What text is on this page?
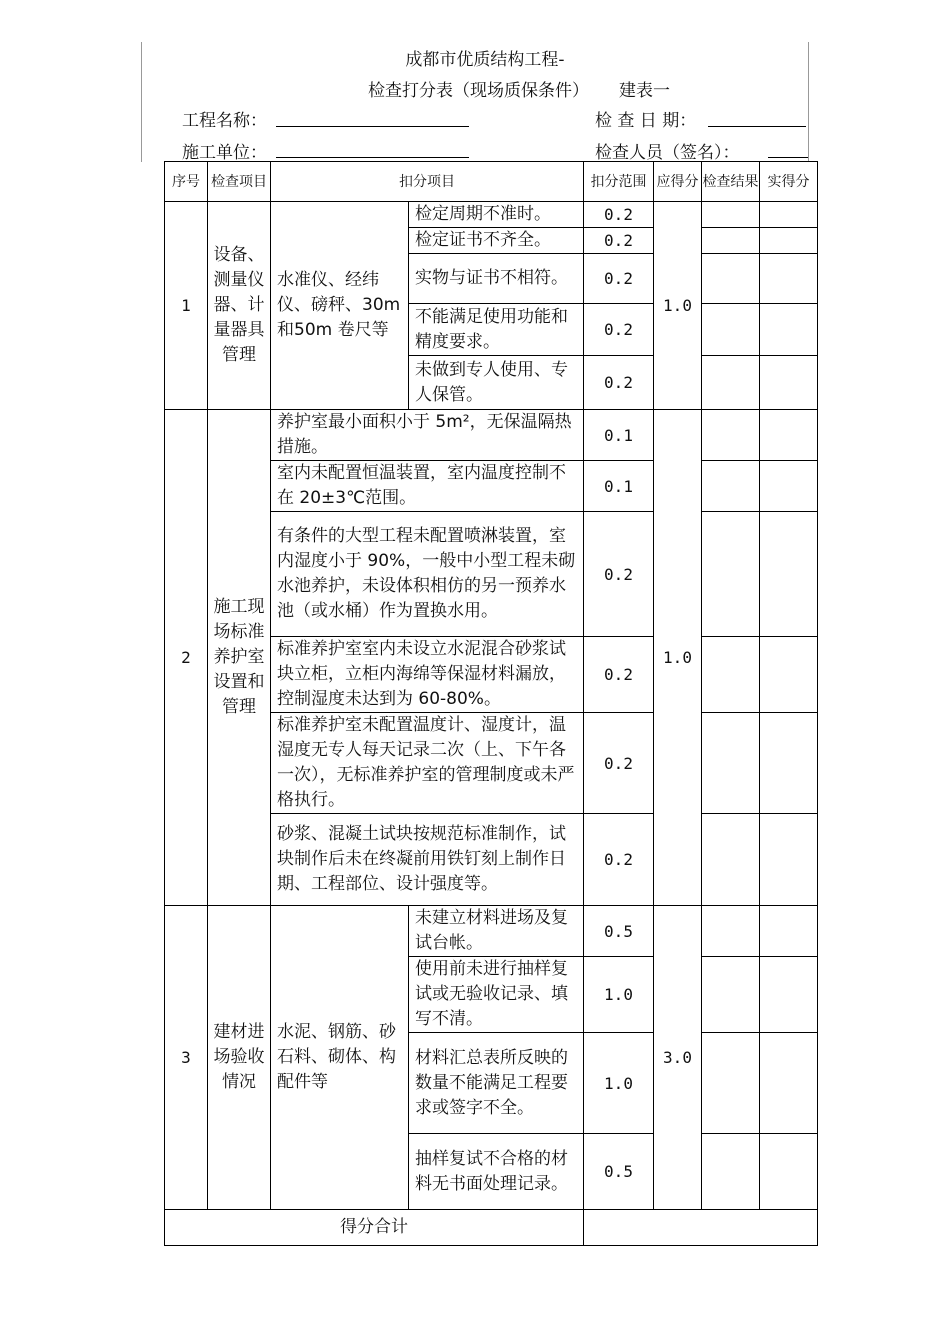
成都市优质结构工程-
检查打分表（现场质保条件） 建表一
工程名称：	检 查 日 期：
施工单位：	检查人员（签名）：
序号	检查项目	扣分项目		扣分范围	应得分	检查结果	实得分
1	设备、测量仪器、计量器具管理	水准仪、经纬仪、磅秤、30m和50m 卷尺等	检定周期不准时。	0.2	1.0		
			检定证书不齐全。	0.2			
			实物与证书不相符。	0.2			
			不能满足使用功能和精度要求。	0.2			
			未做到专人使用、专人保管。	0.2			
2	施工现场标准养护室设置和管理	养护室最小面积小于 5m²，无保温隔热措施。		0.1	1.0		
		室内未配置恒温装置，室内温度控制不在 20±3℃范围。		0.1			
		有条件的大型工程未配置喷淋装置，室内湿度小于 90%，一般中小型工程未砌水池养护，未设体积相仿的另一预养水池（或水桶）作为置换水用。		0.2			
		标准养护室室内未设立水泥混合砂浆试块立柜，立柜内海绵等保湿材料漏放，控制湿度未达到为 60-80%。		0.2			
		标准养护室未配置温度计、湿度计，温湿度无专人每天记录二次（上、下午各一次），无标准养护室的管理制度或未严格执行。		0.2			
		砂浆、混凝土试块按规范标准制作，试块制作后未在终凝前用铁钉刻上制作日期、工程部位、设计强度等。		0.2			
3	建材进场验收情况	水泥、钢筋、砂石料、砌体、构配件等	未建立材料进场及复试台帐。	0.5	3.0		
			使用前未进行抽样复试或无验收记录、填写不清。	1.0			
			材料汇总表所反映的数量不能满足工程要求或签字不全。	1.0			
			抽样复试不合格的材料无书面处理记录。	0.5			
得分合计							
